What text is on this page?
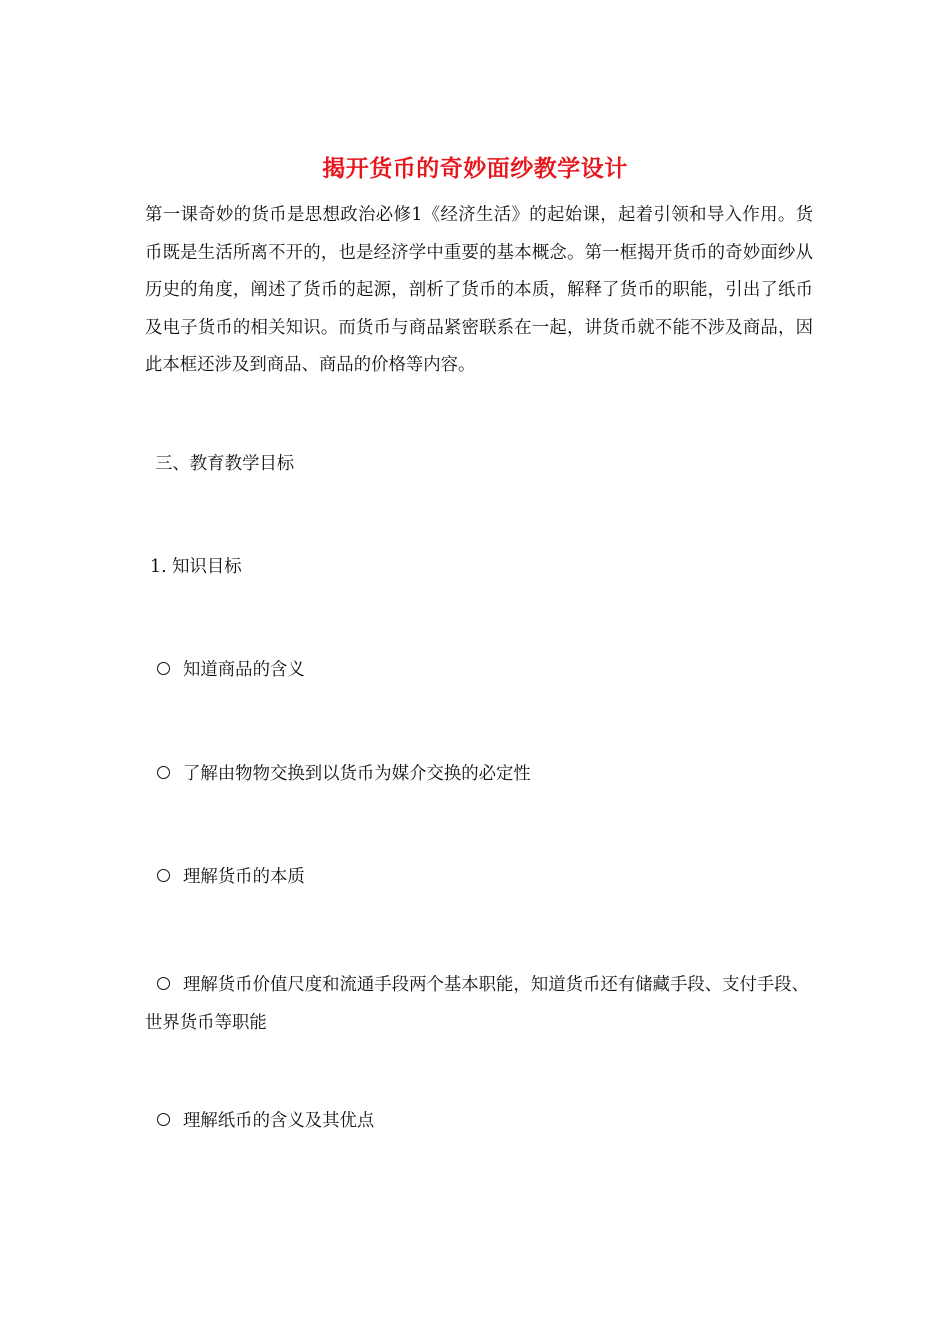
揭开货币的奇妙面纱教学设计

第一课奇妙的货币是思想政治必修1《经济生活》的起始课，起着引领和导入作用。货币既是生活所离不开的，也是经济学中重要的基本概念。第一框揭开货币的奇妙面纱从历史的角度，阐述了货币的起源，剖析了货币的本质，解释了货币的职能，引出了纸币及电子货币的相关知识。而货币与商品紧密联系在一起，讲货币就不能不涉及商品，因此本框还涉及到商品、商品的价格等内容。

三、教育教学目标
1. 知识目标
知道商品的含义
了解由物物交换到以货币为媒介交换的必定性
理解货币的本质
理解货币价值尺度和流通手段两个基本职能，知道货币还有储藏手段、支付手段、世界货币等职能
理解纸币的含义及其优点
